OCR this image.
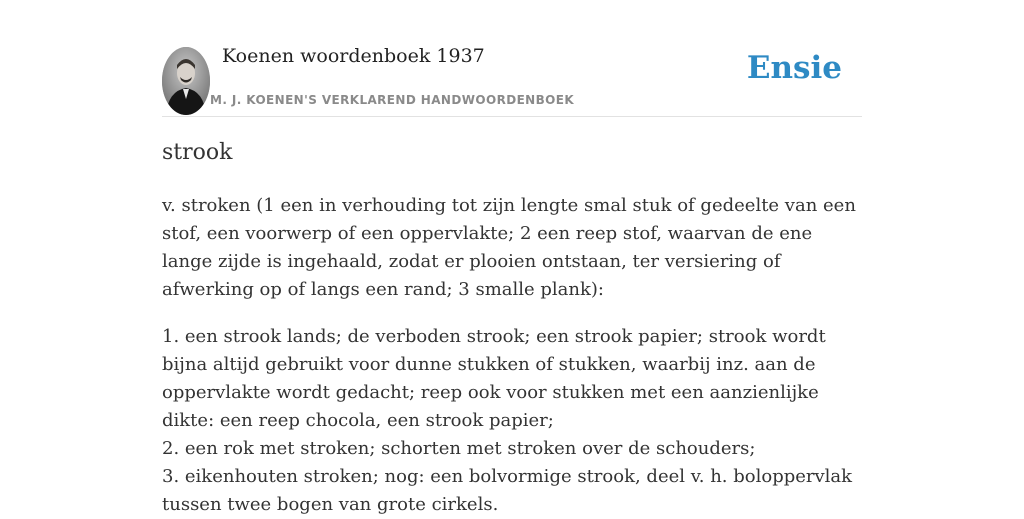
Koenen woordenboek 1937
M. J. KOENEN'S VERKLAREND HANDWOORDENBOEK
Ensie
strook

v. stroken (1 een in verhouding tot zijn lengte smal stuk of gedeelte van een stof, een voorwerp of een oppervlakte; 2 een reep stof, waarvan de ene lange zijde is ingehaald, zodat er plooien ontstaan, ter versiering of afwerking op of langs een rand; 3 smalle plank):

1. een strook lands; de verboden strook; een strook papier; strook wordt bijna altijd gebruikt voor dunne stukken of stukken, waarbij inz. aan de oppervlakte wordt gedacht; reep ook voor stukken met een aanzienlijke dikte: een reep chocola, een strook papier;
2. een rok met stroken; schorten met stroken over de schouders;
3. eikenhouten stroken; nog: een bolvormige strook, deel v. h. boloppervlak tussen twee bogen van grote cirkels.
